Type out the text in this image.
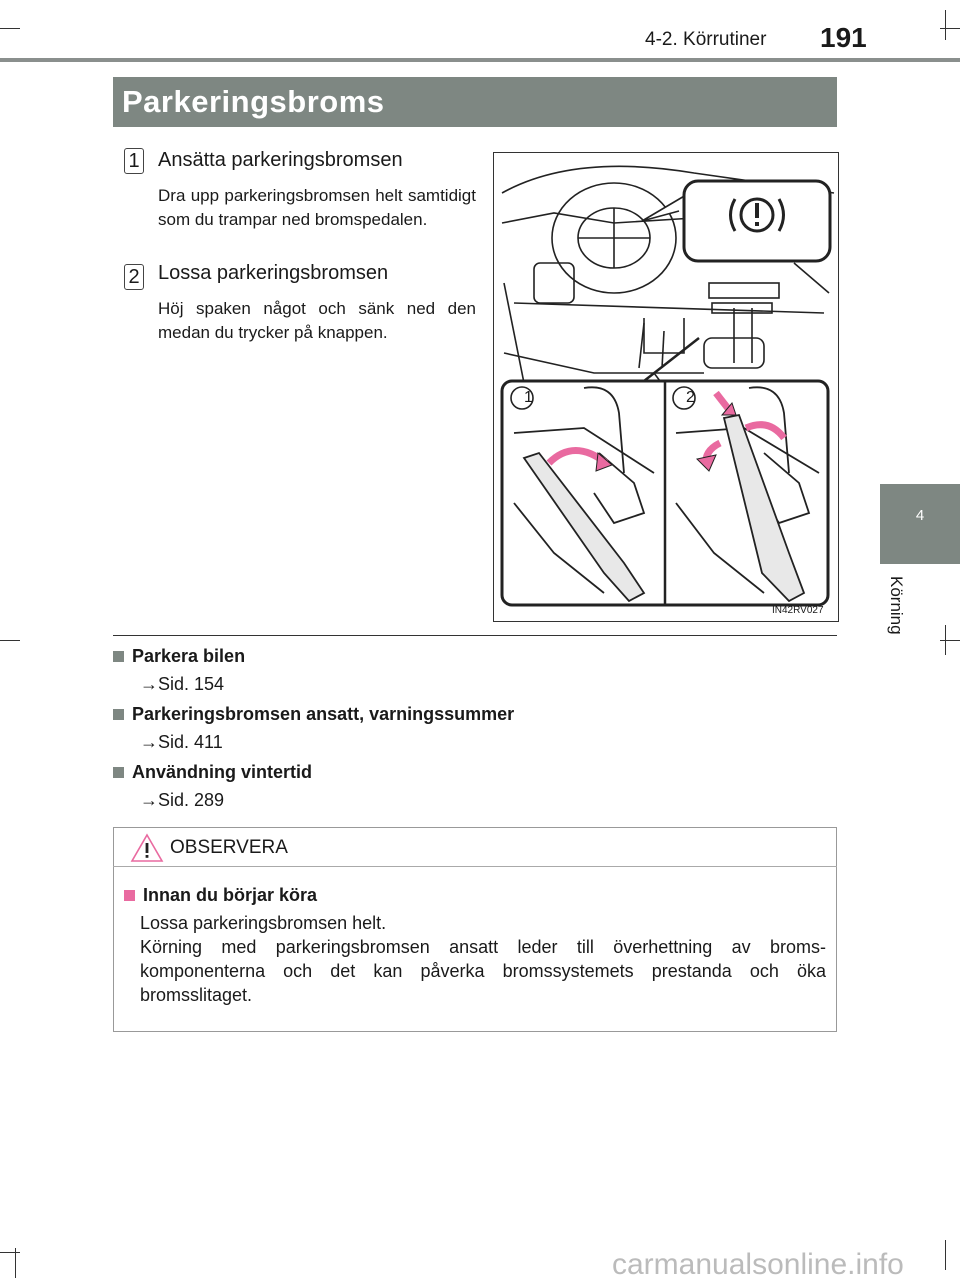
4-2. Körrutiner 191
Parkeringsbroms
4
Körning
1 Ansätta parkeringsbromsen
Dra upp parkeringsbromsen helt samtidigt som du trampar ned bromspedalen.
2 Lossa parkeringsbromsen
Höj spaken något och sänk ned den medan du trycker på knappen.
1	2
IN42RV027
Parkera bilen
→Sid. 154
Parkeringsbromsen ansatt, varningssummer
→Sid. 411
Användning vintertid
→Sid. 289
OBSERVERA
Innan du börjar köra
Lossa parkeringsbromsen helt.
Körning med parkeringsbromsen ansatt leder till överhettning av broms-komponenterna och det kan påverka bromssystemets prestanda och öka bromsslitaget.
carmanualsonline.info
